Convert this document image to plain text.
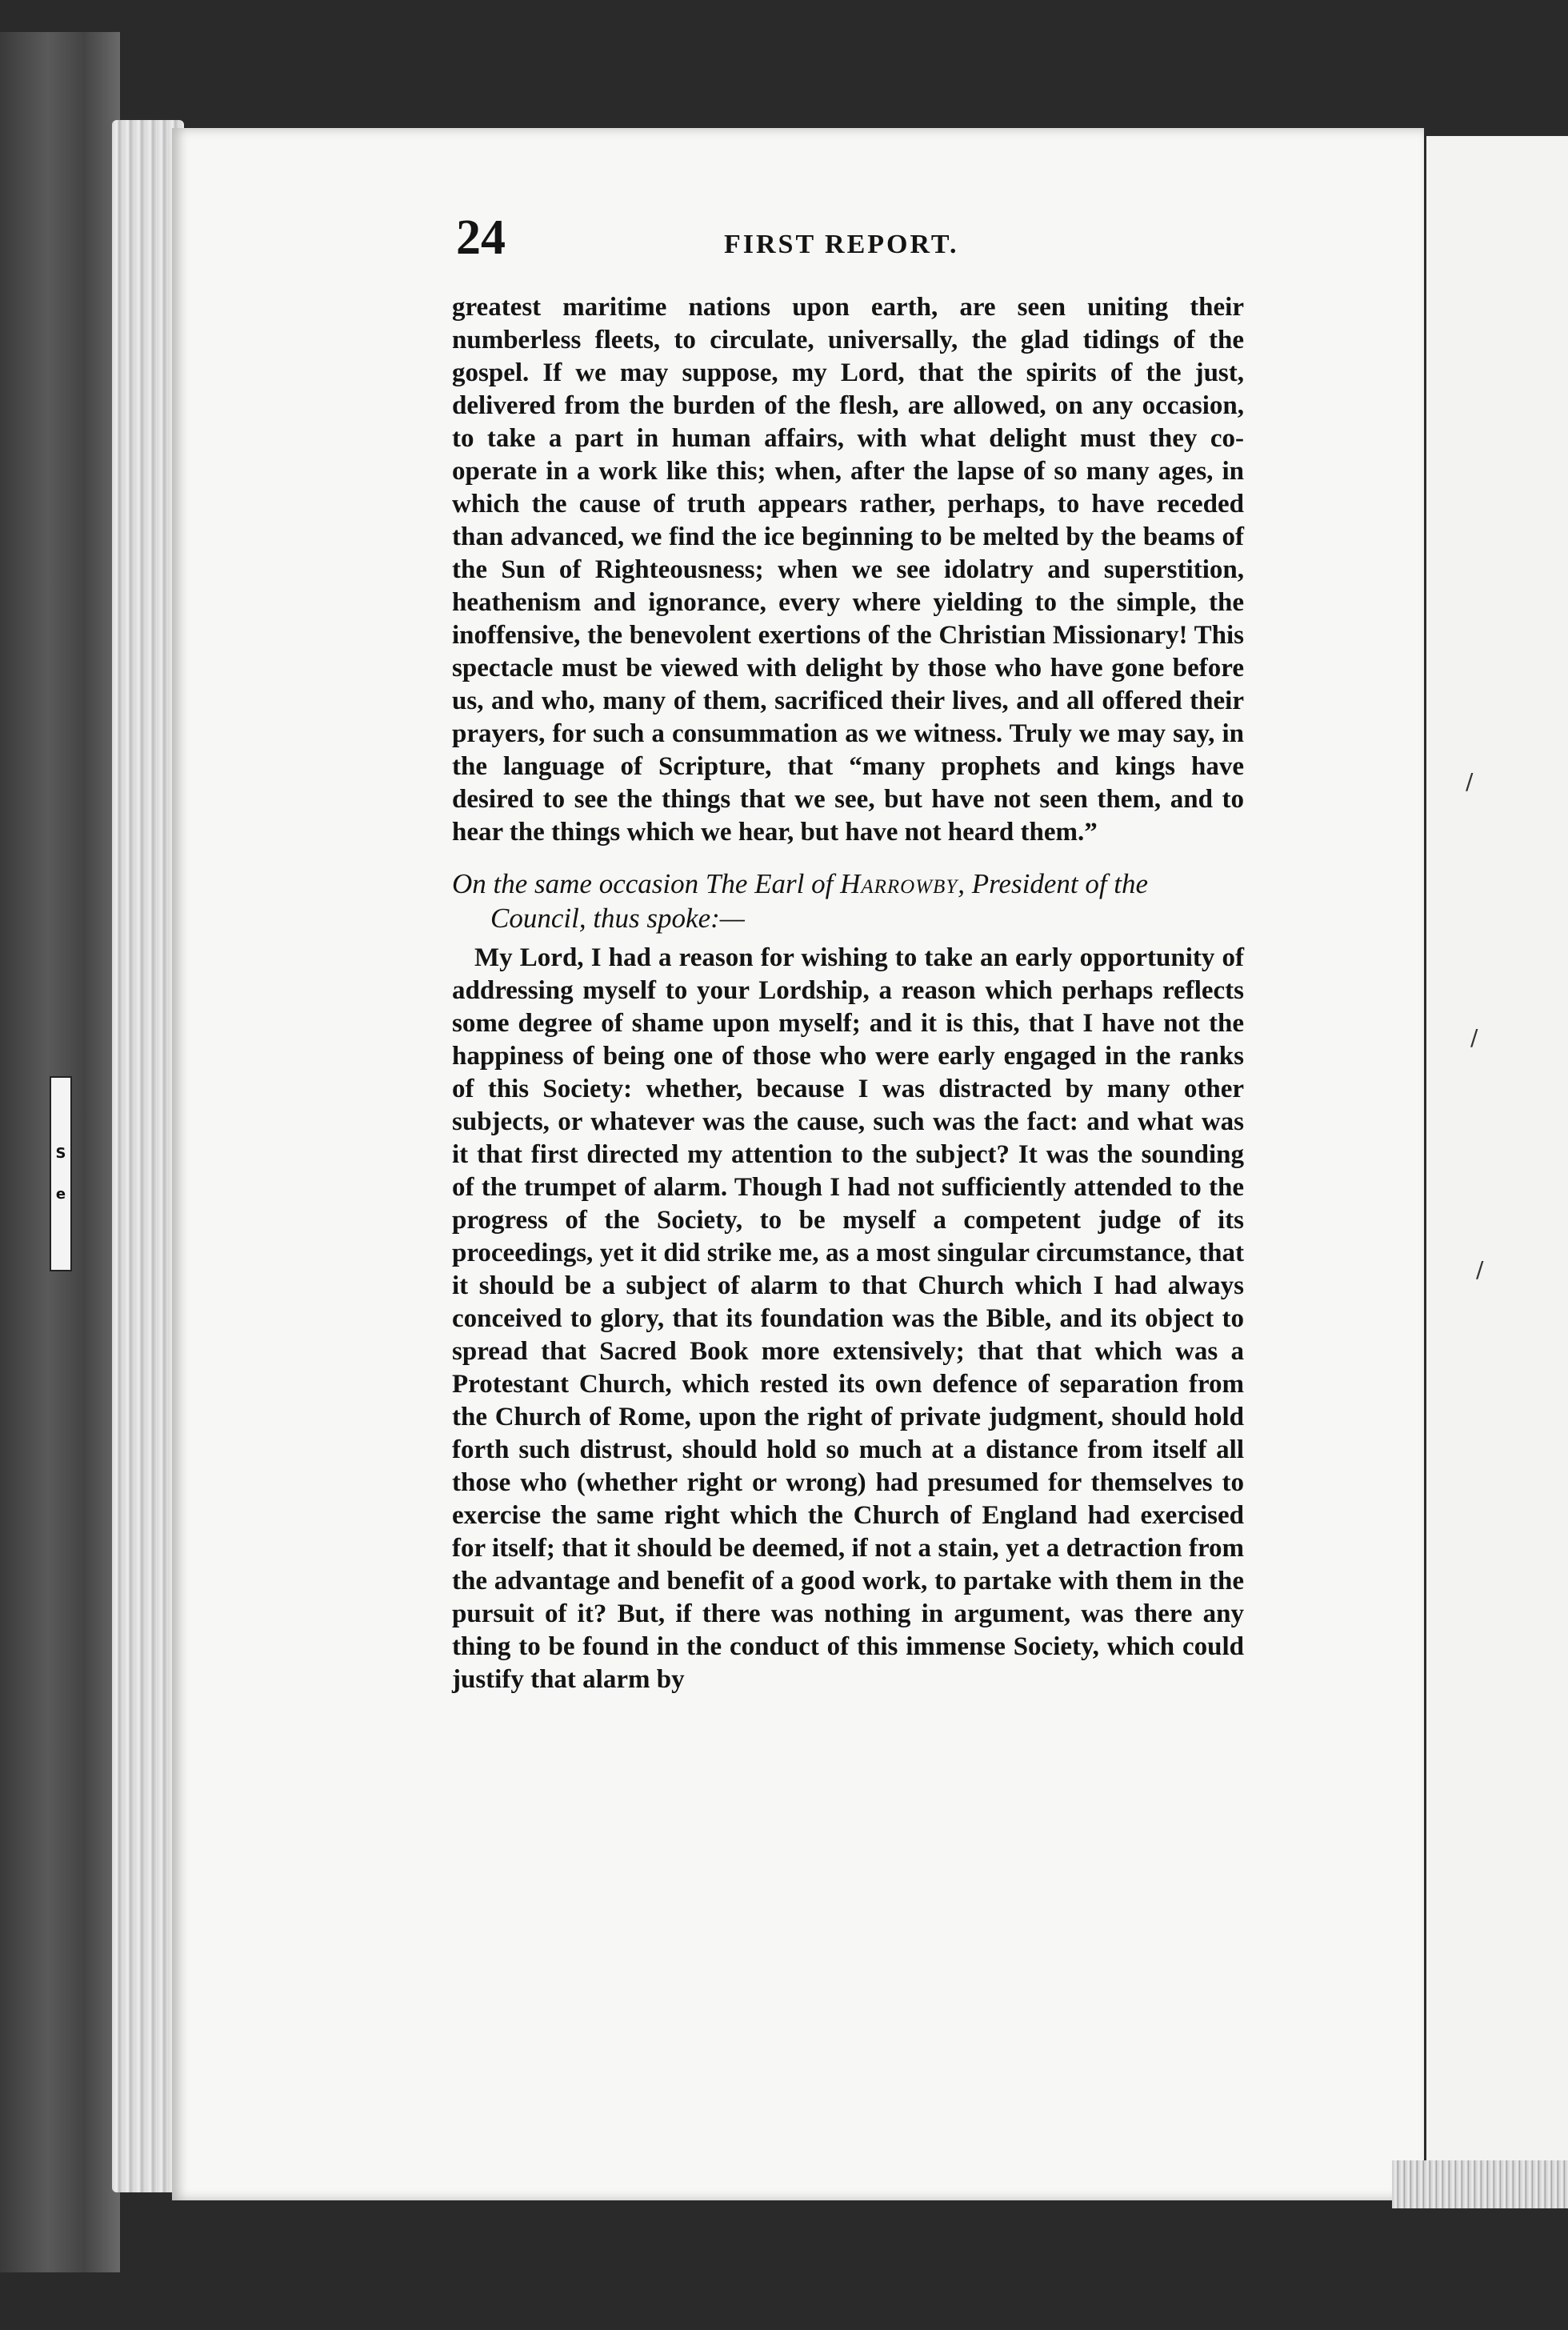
S
e
/
/
/
24	FIRST REPORT.

greatest maritime nations upon earth, are seen uniting their numberless fleets, to circulate, universally, the glad tidings of the gospel. If we may suppose, my Lord, that the spirits of the just, delivered from the burden of the flesh, are allowed, on any occasion, to take a part in human affairs, with what delight must they co-operate in a work like this; when, after the lapse of so many ages, in which the cause of truth appears rather, perhaps, to have receded than advanced, we find the ice beginning to be melted by the beams of the Sun of Righteousness; when we see idolatry and superstition, heathenism and ignorance, every where yielding to the simple, the inoffensive, the benevolent exertions of the Christian Missionary! This spectacle must be viewed with delight by those who have gone before us, and who, many of them, sacrificed their lives, and all offered their prayers, for such a consummation as we witness. Truly we may say, in the language of Scripture, that “many prophets and kings have desired to see the things that we see, but have not seen them, and to hear the things which we hear, but have not heard them.”

On the same occasion The Earl of Harrowby, President of the Council, thus spoke:—

My Lord, I had a reason for wishing to take an early opportunity of addressing myself to your Lordship, a reason which perhaps reflects some degree of shame upon myself; and it is this, that I have not the happiness of being one of those who were early engaged in the ranks of this Society: whether, because I was distracted by many other subjects, or whatever was the cause, such was the fact: and what was it that first directed my attention to the subject? It was the sounding of the trumpet of alarm. Though I had not sufficiently attended to the progress of the Society, to be myself a competent judge of its proceedings, yet it did strike me, as a most singular circumstance, that it should be a subject of alarm to that Church which I had always conceived to glory, that its foundation was the Bible, and its object to spread that Sacred Book more extensively; that that which was a Protestant Church, which rested its own defence of separation from the Church of Rome, upon the right of private judgment, should hold forth such distrust, should hold so much at a distance from itself all those who (whether right or wrong) had presumed for themselves to exercise the same right which the Church of England had exercised for itself; that it should be deemed, if not a stain, yet a detraction from the advantage and benefit of a good work, to partake with them in the pursuit of it? But, if there was nothing in argument, was there any thing to be found in the conduct of this immense Society, which could justify that alarm by
